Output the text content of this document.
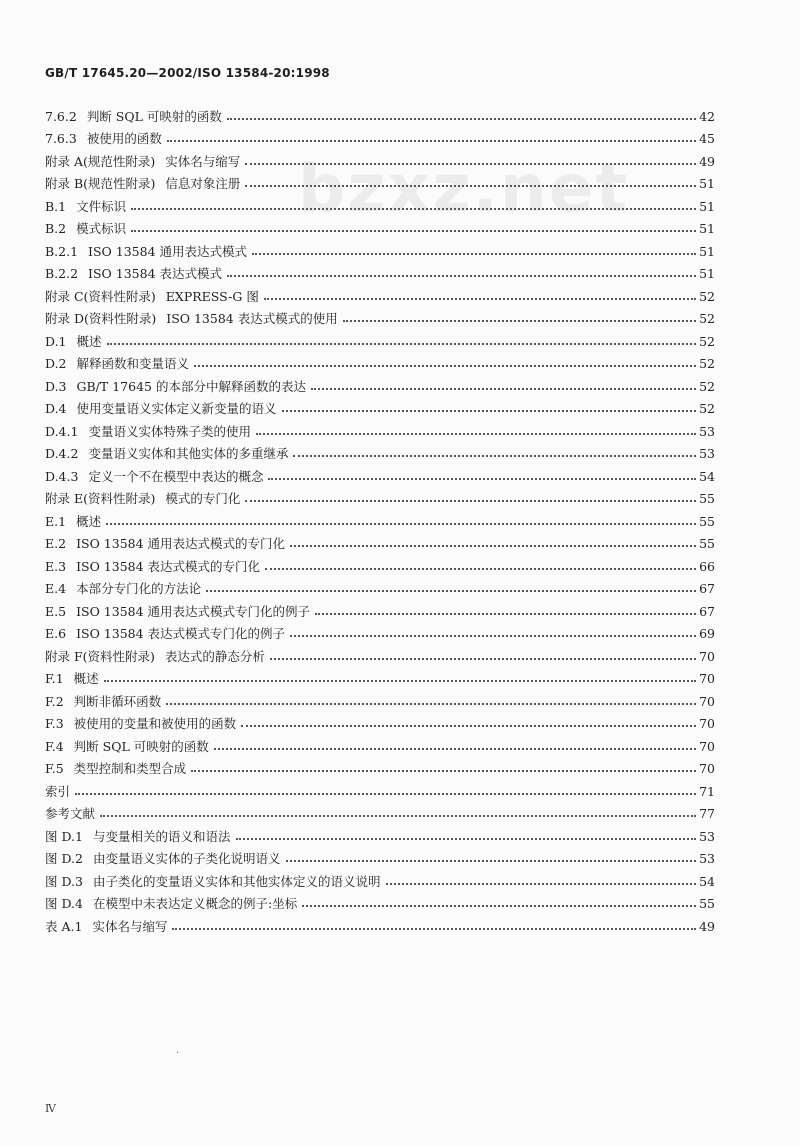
GB/T 17645.20—2002/ISO 13584-20:1998
bzxz.net
7.6.2 判断 SQL 可映射的函数	42
7.6.3 被使用的函数	45
附录 A(规范性附录) 实体名与缩写	49
附录 B(规范性附录) 信息对象注册	51
B.1 文件标识	51
B.2 模式标识	51
B.2.1 ISO 13584 通用表达式模式	51
B.2.2 ISO 13584 表达式模式	51
附录 C(资料性附录) EXPRESS-G 图	52
附录 D(资料性附录) ISO 13584 表达式模式的使用	52
D.1 概述	52
D.2 解释函数和变量语义	52
D.3 GB/T 17645 的本部分中解释函数的表达	52
D.4 使用变量语义实体定义新变量的语义	52
D.4.1 变量语义实体特殊子类的使用	53
D.4.2 变量语义实体和其他实体的多重继承	53
D.4.3 定义一个不在模型中表达的概念	54
附录 E(资料性附录) 模式的专门化	55
E.1 概述	55
E.2 ISO 13584 通用表达式模式的专门化	55
E.3 ISO 13584 表达式模式的专门化	66
E.4 本部分专门化的方法论	67
E.5 ISO 13584 通用表达式模式专门化的例子	67
E.6 ISO 13584 表达式模式专门化的例子	69
附录 F(资料性附录) 表达式的静态分析	70
F.1 概述	70
F.2 判断非循环函数	70
F.3 被使用的变量和被使用的函数	70
F.4 判断 SQL 可映射的函数	70
F.5 类型控制和类型合成	70
索引	71
参考文献	77
图 D.1 与变量相关的语义和语法	53
图 D.2 由变量语义实体的子类化说明语义	53
图 D.3 由子类化的变量语义实体和其他实体定义的语义说明	54
图 D.4 在模型中未表达定义概念的例子:坐标	55
表 A.1 实体名与缩写	49
·
Ⅳ
